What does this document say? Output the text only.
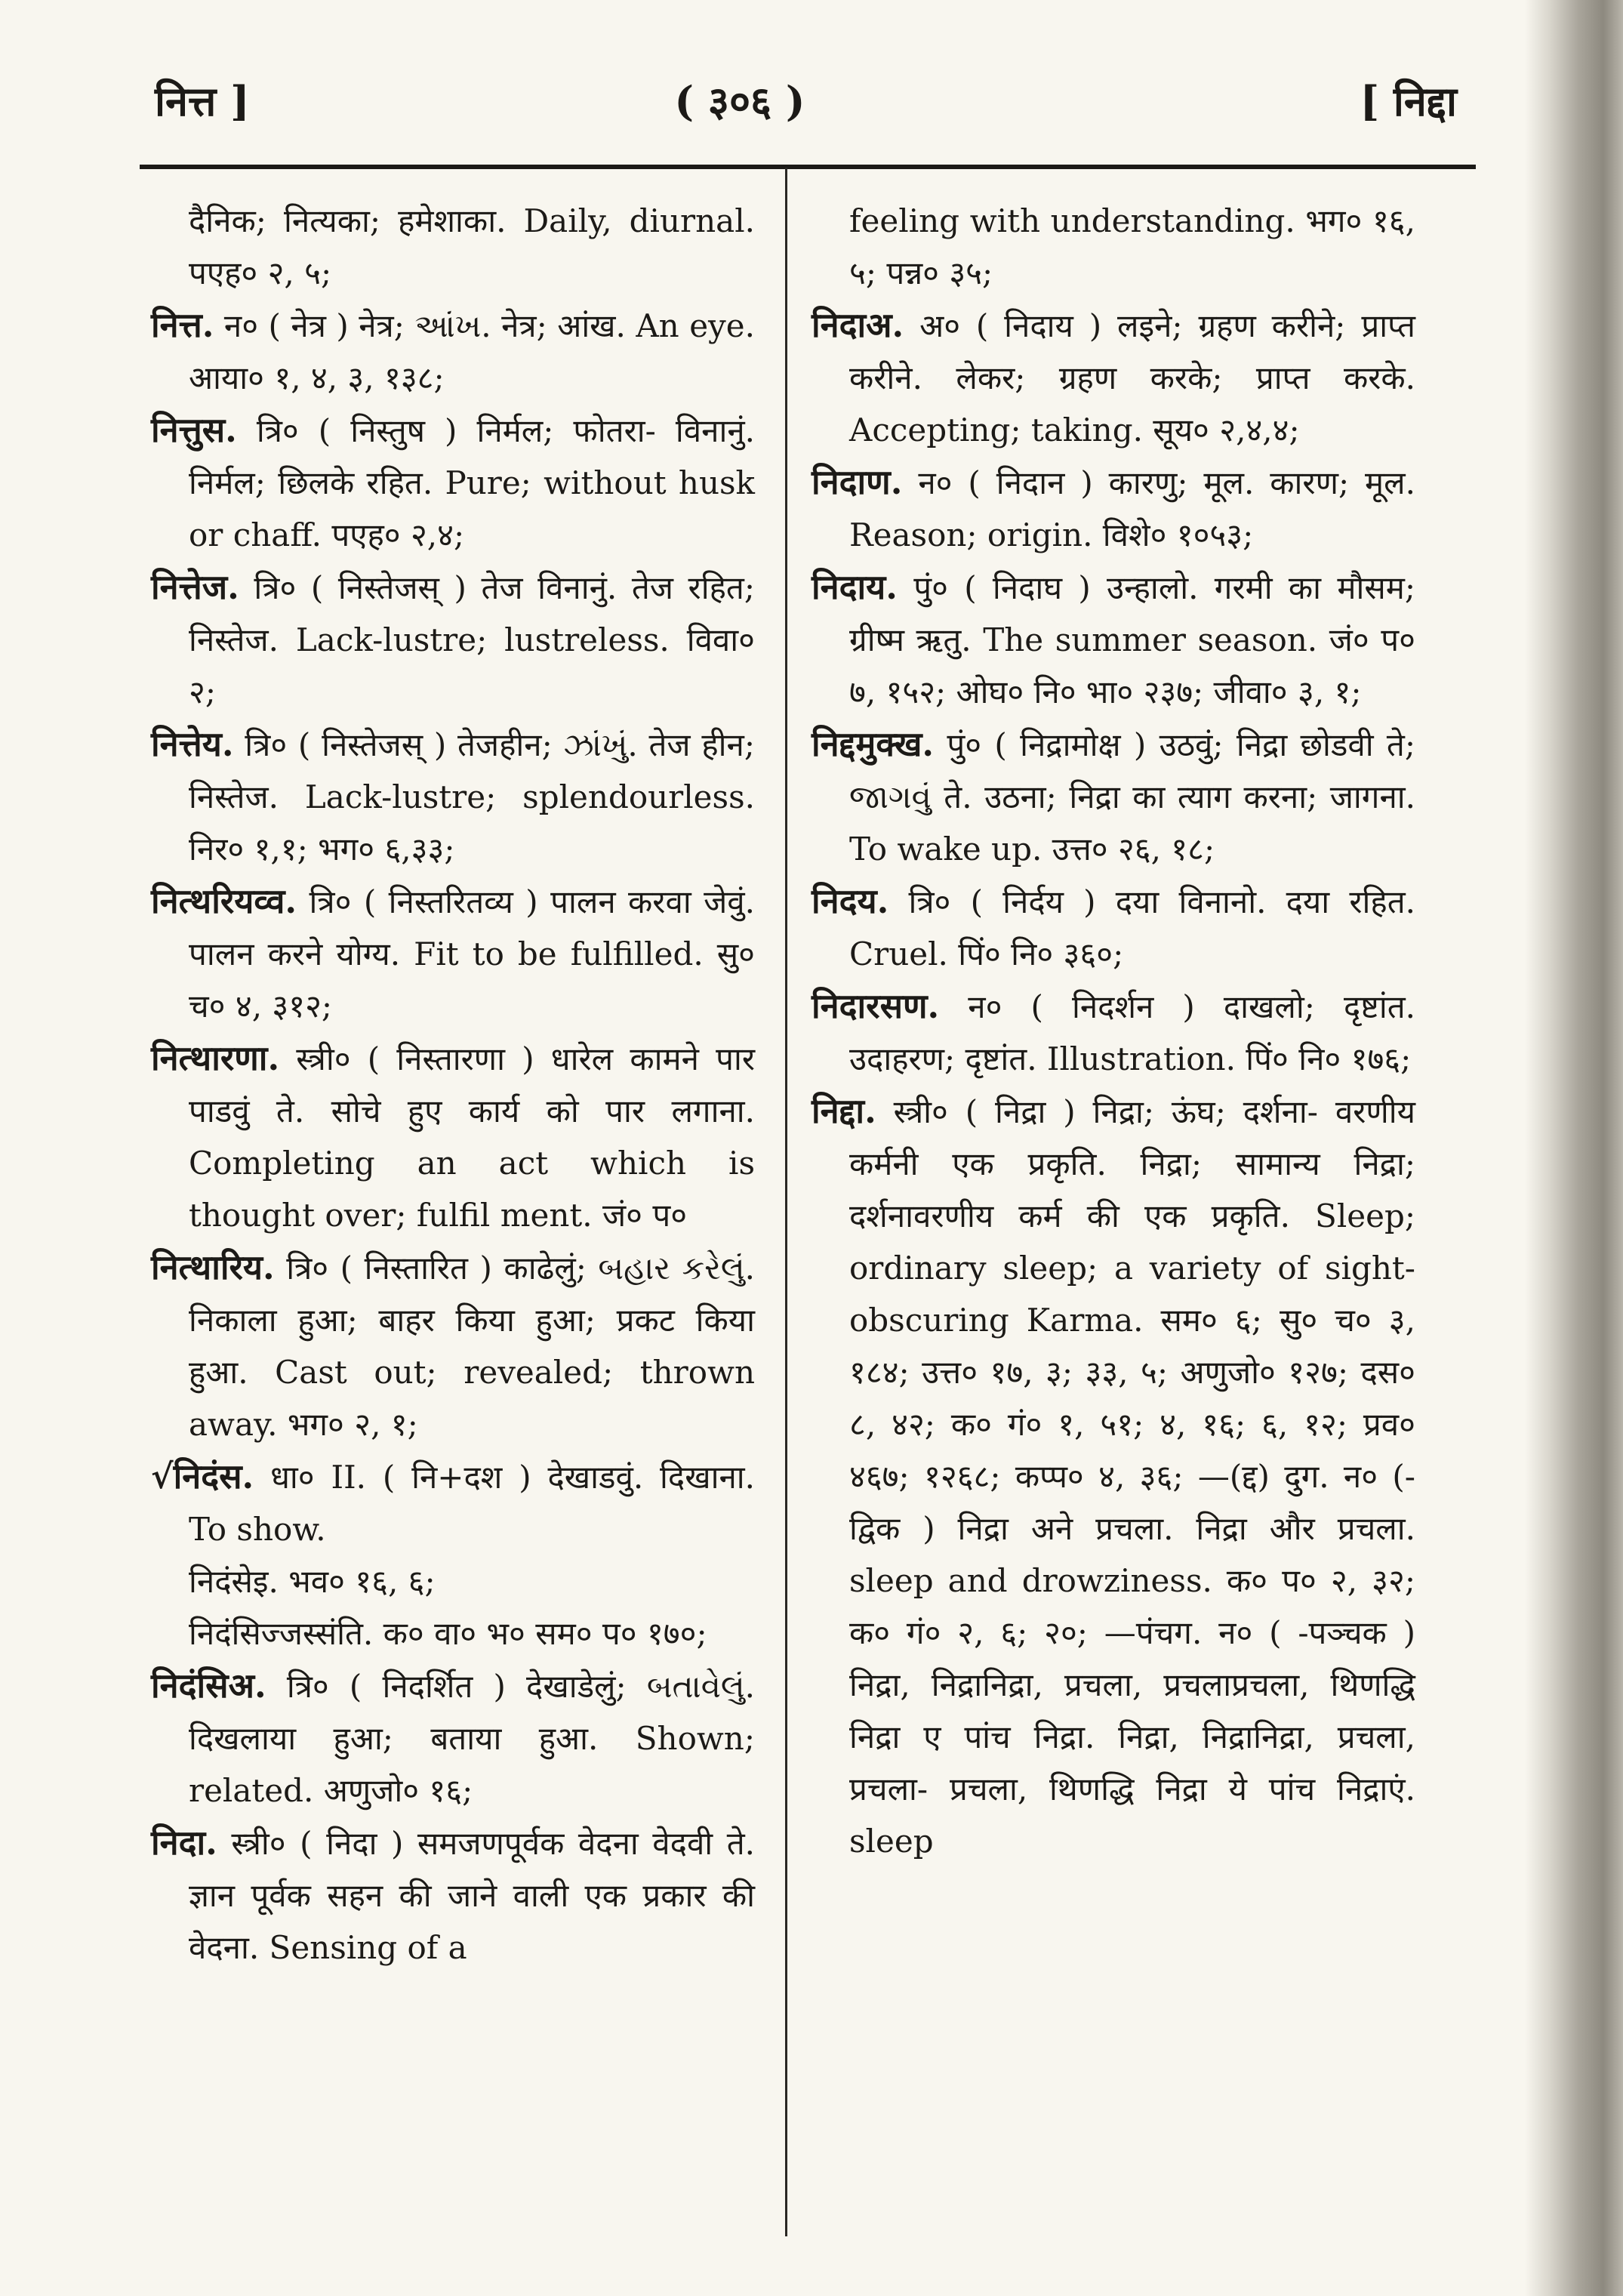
नित्त ]	( ३०६ )	[ निद्दा

दैनिक; नित्यका; हमेशाका. Daily, diurnal. पएह० २, ५;

नित्त. न० ( नेत्र ) नेत्र; આંખ. नेत्र; आंख. An eye. आया० १, ४, ३, १३८;

नित्तुस. त्रि० ( निस्तुष ) निर्मल; फोतरा- विनानुं. निर्मल; छिलके रहित. Pure; without husk or chaff. पएह० २,४;

नित्तेज. त्रि० ( निस्तेजस् ) तेज विनानुं. तेज रहित; निस्तेज. Lack-lustre; lustreless. विवा० २;

नित्तेय. त्रि० ( निस्तेजस् ) तेजहीन; ઝાંખું. तेज हीन; निस्तेज. Lack-lustre; splendourless. निर० १,१; भग० ६,३३;

नित्थरियव्व. त्रि० ( निस्तरितव्य ) पालन करवा जेवुं. पालन करने योग्य. Fit to be fulfilled. सु० च० ४, ३१२;

नित्थारणा. स्त्री० ( निस्तारणा ) धारेल कामने पार पाडवुं ते. सोचे हुए कार्य को पार लगाना. Completing an act which is thought over; fulfil ment. जं० प०

नित्थारिय. त्रि० ( निस्तारित ) काढेलुं; બહાર કરેલું. निकाला हुआ; बाहर किया हुआ; प्रकट किया हुआ. Cast out; revealed; thrown away. भग० २, १;

√निदंस. धा० II. ( नि+दश ) देखाडवुं. दिखाना. To show.

निदंसेइ. भव० १६, ६;

निदंसिज्जस्संति. क० वा० भ० सम० प० १७०;

निदंसिअ. त्रि० ( निदर्शित ) देखाडेलुं; બતાવેલું. दिखलाया हुआ; बताया हुआ. Shown; related. अणुजो० १६;

निदा. स्त्री० ( निदा ) समजणपूर्वक वेदना वेदवी ते. ज्ञान पूर्वक सहन की जाने वाली एक प्रकार की वेदना. Sensing of a

feeling with understanding. भग० १६, ५; पन्न० ३५;

निदाअ. अ० ( निदाय ) लइने; ग्रहण करीने; प्राप्त करीने. लेकर; ग्रहण करके; प्राप्त करके. Accepting; taking. सूय० २,४,४;

निदाण. न० ( निदान ) कारणु; मूल. कारण; मूल. Reason; origin. विशे० १०५३;

निदाय. पुं० ( निदाघ ) उन्हालो. गरमी का मौसम; ग्रीष्म ऋतु. The summer season. जं० प० ७, १५२; ओघ० नि० भा० २३७; जीवा० ३, १;

निद्दमुक्ख. पुं० ( निद्रामोक्ष ) उठवुं; निद्रा छोडवी ते; જાગવું ते. उठना; निद्रा का त्याग करना; जागना. To wake up. उत्त० २६, १८;

निदय. त्रि० ( निर्दय ) दया विनानो. दया रहित. Cruel. पिं० नि० ३६०;

निदारसण. न० ( निदर्शन ) दाखलो; दृष्टांत. उदाहरण; दृष्टांत. Illustration. पिं० नि० १७६;

निद्दा. स्त्री० ( निद्रा ) निद्रा; ऊंघ; दर्शना- वरणीय कर्मनी एक प्रकृति. निद्रा; सामान्य निद्रा; दर्शनावरणीय कर्म की एक प्रकृति. Sleep; ordinary sleep; a variety of sight-obscuring Karma. सम० ६; सु० च० ३, १८४; उत्त० १७, ३; ३३, ५; अणुजो० १२७; दस० ८, ४२; क० गं० १, ५१; ४, १६; ६, १२; प्रव० ४६७; १२६८; कप्प० ४, ३६; —(द्द) दुग. न० (-द्विक ) निद्रा अने प्रचला. निद्रा और प्रचला. sleep and drowziness. क० प० २, ३२; क० गं० २, ६; २०; —पंचग. न० ( -पञ्चक ) निद्रा, निद्रानिद्रा, प्रचला, प्रचलाप्रचला, थिणद्धि निद्रा ए पांच निद्रा. निद्रा, निद्रानिद्रा, प्रचला, प्रचला- प्रचला, थिणद्धि निद्रा ये पांच निद्राएं. sleep
